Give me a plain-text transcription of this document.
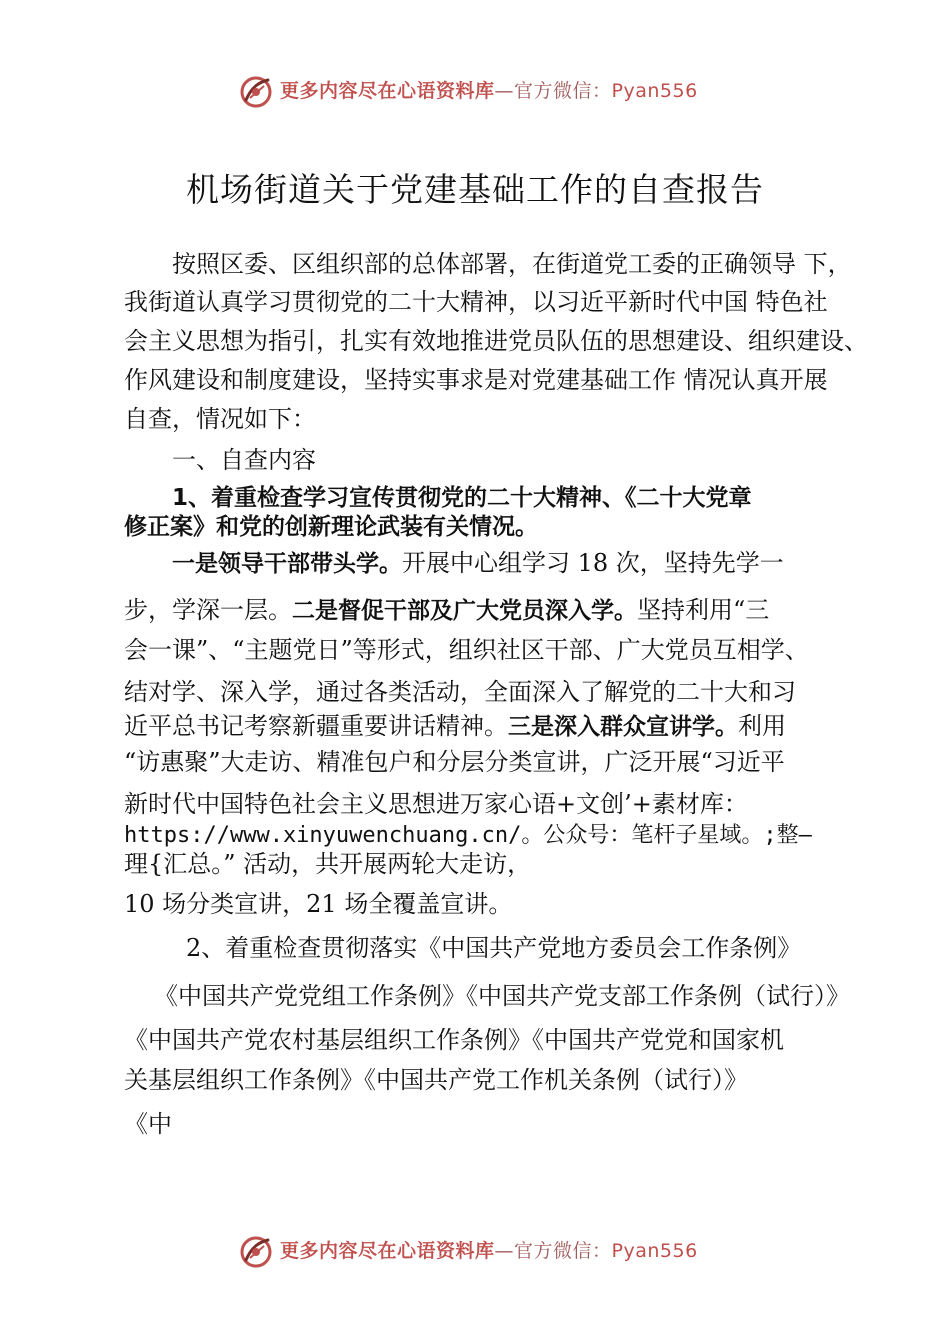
更多内容尽在心语资料库—官方微信：Pyan556
机场街道关于党建基础工作的自查报告
按照区委、区组织部的总体部署，在街道党工委的正确领导 下，
我街道认真学习贯彻党的二十大精神，以习近平新时代中国 特色社
会主义思想为指引，扎实有效地推进党员队伍的思想建设、组织建设、
作风建设和制度建设，坚持实事求是对党建基础工作 情况认真开展
自查，情况如下：
一、自查内容
1、着重检查学习宣传贯彻党的二十大精神、《二十大党章
修正案》和党的创新理论武装有关情况。
一是领导干部带头学。开展中心组学习 18 次，坚持先学一
步，学深一层。二是督促干部及广大党员深入学。坚持利用“三
会一课”、“主题党日”等形式，组织社区干部、广大党员互相学、
结对学、深入学，通过各类活动，全面深入了解党的二十大和习
近平总书记考察新疆重要讲话精神。三是深入群众宣讲学。利用
“访惠聚”大走访、精准包户和分层分类宣讲，广泛开展“习近平
新时代中国特色社会主义思想进万家心语+文创’+素材库：
https://www.xinyuwenchuang.cn/。公众号：笔杆子星域。;整—
理{汇总。” 活动，共开展两轮大走访，
10 场分类宣讲，21 场全覆盖宣讲。
2、着重检查贯彻落实《中国共产党地方委员会工作条例》
《中国共产党党组工作条例》《中国共产党支部工作条例（试行）》
《中国共产党农村基层组织工作条例》《中国共产党党和国家机
关基层组织工作条例》《中国共产党工作机关条例（试行）》
《中
更多内容尽在心语资料库—官方微信：Pyan556
